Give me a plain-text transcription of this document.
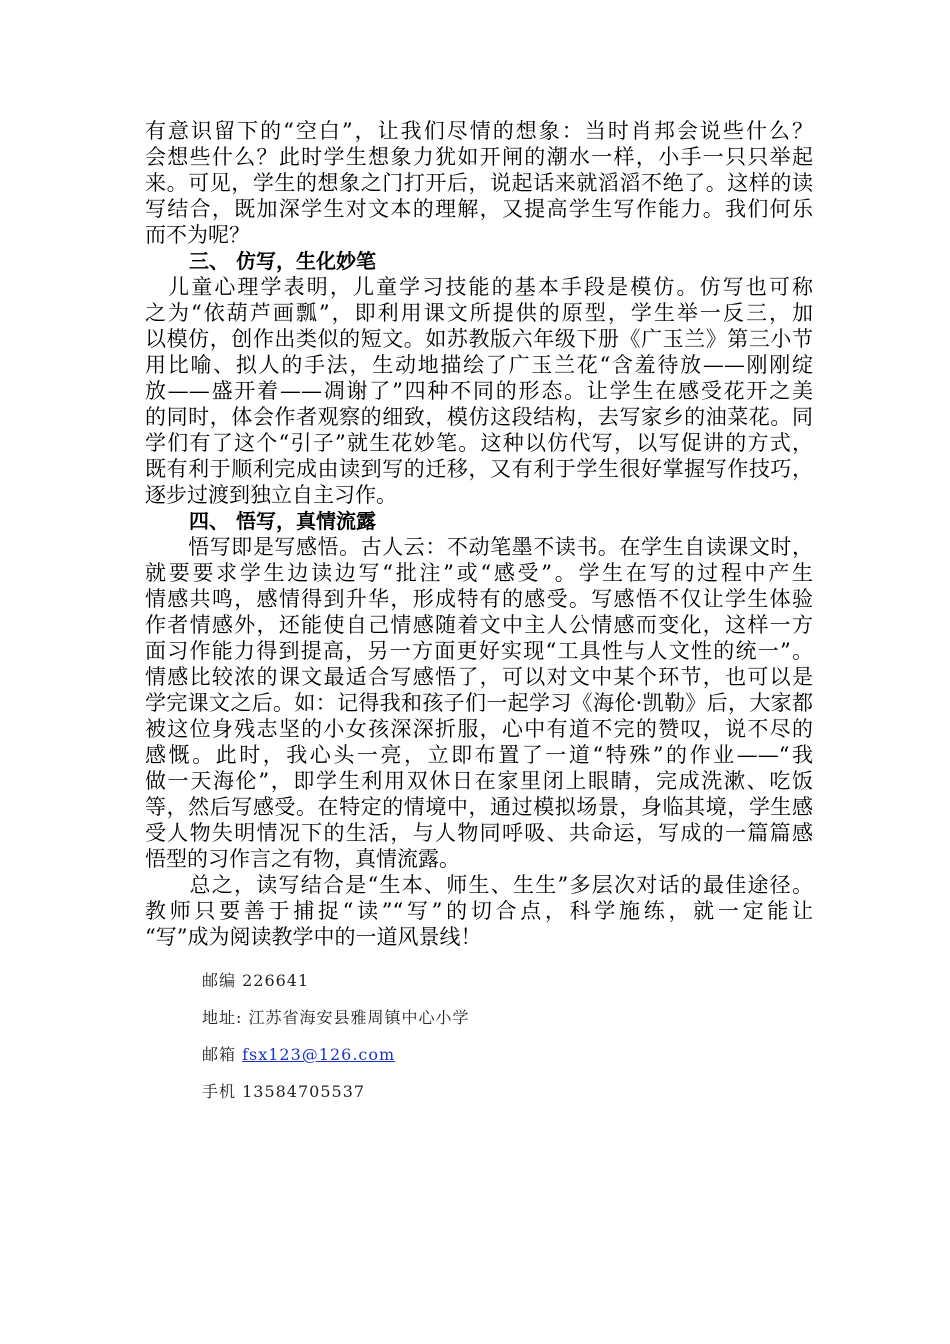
有意识留下的“空白”，让我们尽情的想象：当时肖邦会说些什么？
会想些什么？此时学生想象力犹如开闸的潮水一样，小手一只只举起
来。可见，学生的想象之门打开后，说起话来就滔滔不绝了。这样的读
写结合，既加深学生对文本的理解，又提高学生写作能力。我们何乐
而不为呢？
三、 仿写，生化妙笔
　儿童心理学表明，儿童学习技能的基本手段是模仿。仿写也可称
之为“依葫芦画瓢”，即利用课文所提供的原型，学生举一反三，加
以模仿，创作出类似的短文。如苏教版六年级下册《广玉兰》第三小节
用比喻、拟人的手法，生动地描绘了广玉兰花“含羞待放——刚刚绽
放——盛开着——凋谢了”四种不同的形态。让学生在感受花开之美
的同时，体会作者观察的细致，模仿这段结构，去写家乡的油菜花。同
学们有了这个“引子”就生花妙笔。这种以仿代写，以写促讲的方式，
既有利于顺利完成由读到写的迁移，又有利于学生很好掌握写作技巧，
逐步过渡到独立自主习作。
四、 悟写，真情流露
　　悟写即是写感悟。古人云：不动笔墨不读书。在学生自读课文时，
就要要求学生边读边写“批注”或“感受”。学生在写的过程中产生
情感共鸣，感情得到升华，形成特有的感受。写感悟不仅让学生体验
作者情感外，还能使自己情感随着文中主人公情感而变化，这样一方
面习作能力得到提高，另一方面更好实现“工具性与人文性的统一”。
情感比较浓的课文最适合写感悟了，可以对文中某个环节，也可以是
学完课文之后。如：记得我和孩子们一起学习《海伦·凯勒》后，大家都
被这位身残志坚的小女孩深深折服，心中有道不完的赞叹，说不尽的
感慨。此时，我心头一亮，立即布置了一道“特殊”的作业——“我
做一天海伦”，即学生利用双休日在家里闭上眼睛，完成洗漱、吃饭
等，然后写感受。在特定的情境中，通过模拟场景，身临其境，学生感
受人物失明情况下的生活，与人物同呼吸、共命运，写成的一篇篇感
悟型的习作言之有物，真情流露。
　　总之，读写结合是“生本、师生、生生”多层次对话的最佳途径。
教师只要善于捕捉“读”“写”的切合点，科学施练，就一定能让
“写”成为阅读教学中的一道风景线！
邮编 226641
地址: 江苏省海安县雅周镇中心小学
邮箱 fsx123@126.com
手机 13584705537
